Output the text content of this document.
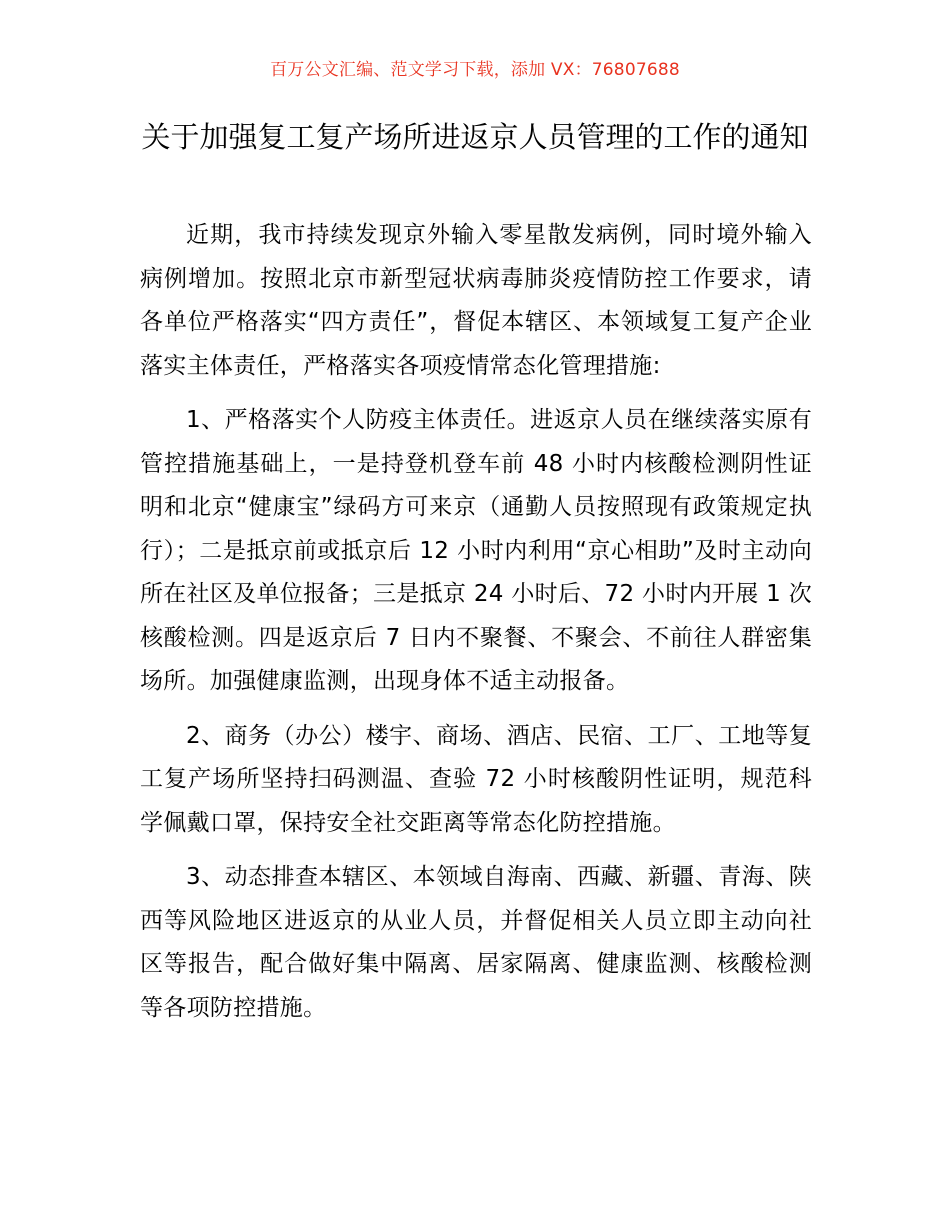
百万公文汇编、范文学习下载，添加 VX：76807688
关于加强复工复产场所进返京人员管理的工作的通知

近期，我市持续发现京外输入零星散发病例，同时境外输入病例增加。按照北京市新型冠状病毒肺炎疫情防控工作要求，请各单位严格落实“四方责任”，督促本辖区、本领域复工复产企业落实主体责任，严格落实各项疫情常态化管理措施:

1、严格落实个人防疫主体责任。进返京人员在继续落实原有管控措施基础上，一是持登机登车前 48 小时内核酸检测阴性证明和北京“健康宝”绿码方可来京（通勤人员按照现有政策规定执行）；二是抵京前或抵京后 12 小时内利用“京心相助”及时主动向所在社区及单位报备；三是抵京 24 小时后、72 小时内开展 1 次核酸检测。四是返京后 7 日内不聚餐、不聚会、不前往人群密集场所。加强健康监测，出现身体不适主动报备。

2、商务（办公）楼宇、商场、酒店、民宿、工厂、工地等复工复产场所坚持扫码测温、查验 72 小时核酸阴性证明，规范科学佩戴口罩，保持安全社交距离等常态化防控措施。

3、动态排查本辖区、本领域自海南、西藏、新疆、青海、陕西等风险地区进返京的从业人员，并督促相关人员立即主动向社区等报告，配合做好集中隔离、居家隔离、健康监测、核酸检测等各项防控措施。
